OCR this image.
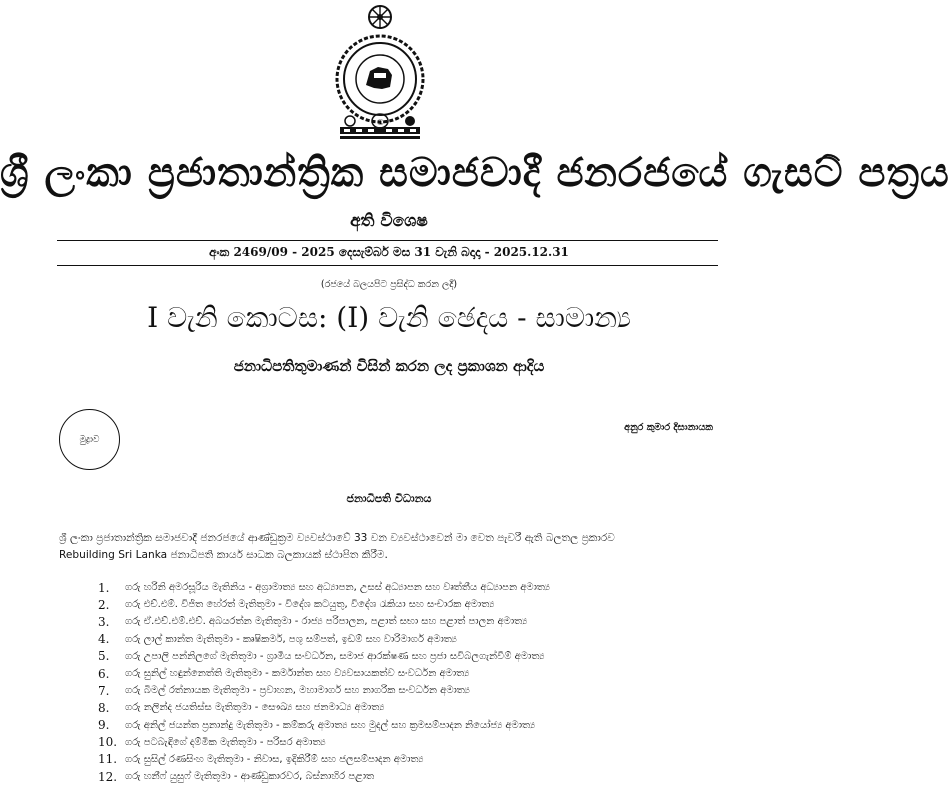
①
ශ්‍රී ලංකා ප්‍රජාතාන්ත්‍රික සමාජවාදී ජනරජයේ ගැසට් පත්‍රය
අති විශෙෂ
අංක 2469/09 - 2025 දෙසැම්බර් මස 31 වැනි බදාදා - 2025.12.31
(රජයේ බලයපිට ප්‍රසිද්ධ කරන ලදී)
I වැනි කොටස: (I) වැනි ඡෙදය - සාමාන්‍ය
ජනාධිපතිතුමාණන් විසින් කරන ලද ප්‍රකාශන ආදිය
මුද්‍රාව
අනුර කුමාර දිසානායක
ජනාධිපති විධානය
ශ්‍රී ලංකා ප්‍රජාතාන්ත්‍රික සමාජවාදී ජනරජයේ ආණ්ඩුක්‍රම ව්‍යවස්ථාවේ 33 වන ව්‍යවස්ථාවෙන් මා වෙත පැවරී ඇති බලතල ප්‍රකාරව
Rebuilding Sri Lanka ජනාධිපති කාර්ය සාධක බලකායක් ස්ථාපිත කිරීම.
1.	ගරු හරිනි අමරසූරිය මැතිනිය - අග්‍රාමාත්‍ය සහ අධ්‍යාපන, උසස් අධ්‍යාපන සහ වෘත්තීය අධ්‍යාපන අමාත්‍ය
2.	ගරු එච්.එම්. විජිත හේරත් මැතිතුමා - විදේශ කටයුතු, විදේශ රැකියා සහ සංචාරක අමාත්‍ය
3.	ගරු ඒ.එච්.එම්.එච්. අබයරත්න මැතිතුමා - රාජ්‍ය පරිපාලන, පළාත් සභා සහ පළාත් පාලන අමාත්‍ය
4.	ගරු ලාල් කාන්ත මැතිතුමා - කෘෂිකර්ම, පශු සම්පත්, ඉඩම් සහ වාරිමාර්ග අමාත්‍ය
5.	ගරු උපාලි පන්නිලගේ මැතිතුමා - ග්‍රාමීය සංවර්ධන, සමාජ ආරක්ෂණ සහ ප්‍රජා සවිබලගැන්වීම් අමාත්‍ය
6.	ගරු සුනිල් හඳුන්නෙත්ති මැතිතුමා - කර්මාන්ත සහ ව්‍යවසායකත්ව සංවර්ධන අමාත්‍ය
7.	ගරු බිමල් රත්නායක මැතිතුමා - ප්‍රවාහන, මහාමාර්ග සහ නාගරික සංවර්ධන අමාත්‍ය
8.	ගරු නලින්ද ජයතිස්ස මැතිතුමා - සෞඛ්‍ය සහ ජනමාධ්‍ය අමාත්‍ය
9.	ගරු අනිල් ජයන්ත ප්‍රනාන්දු මැතිතුමා - කම්කරු අමාත්‍ය සහ මුදල් සහ ක්‍රමසම්පාදන නියෝජ්‍ය අමාත්‍ය
10. ගරු පටබැඳිගේ දම්මික මැතිතුමා - පරිසර අමාත්‍ය
11. ගරු සුසිල් රණසිංහ මැතිතුමා - නිවාස, ඉදිකිරීම් සහ ජලසම්පාදන අමාත්‍ය
12. ගරු හනීෆ් යුසුෆ් මැතිතුමා - ආණ්ඩුකාරවර, බස්නාහිර පළාත
